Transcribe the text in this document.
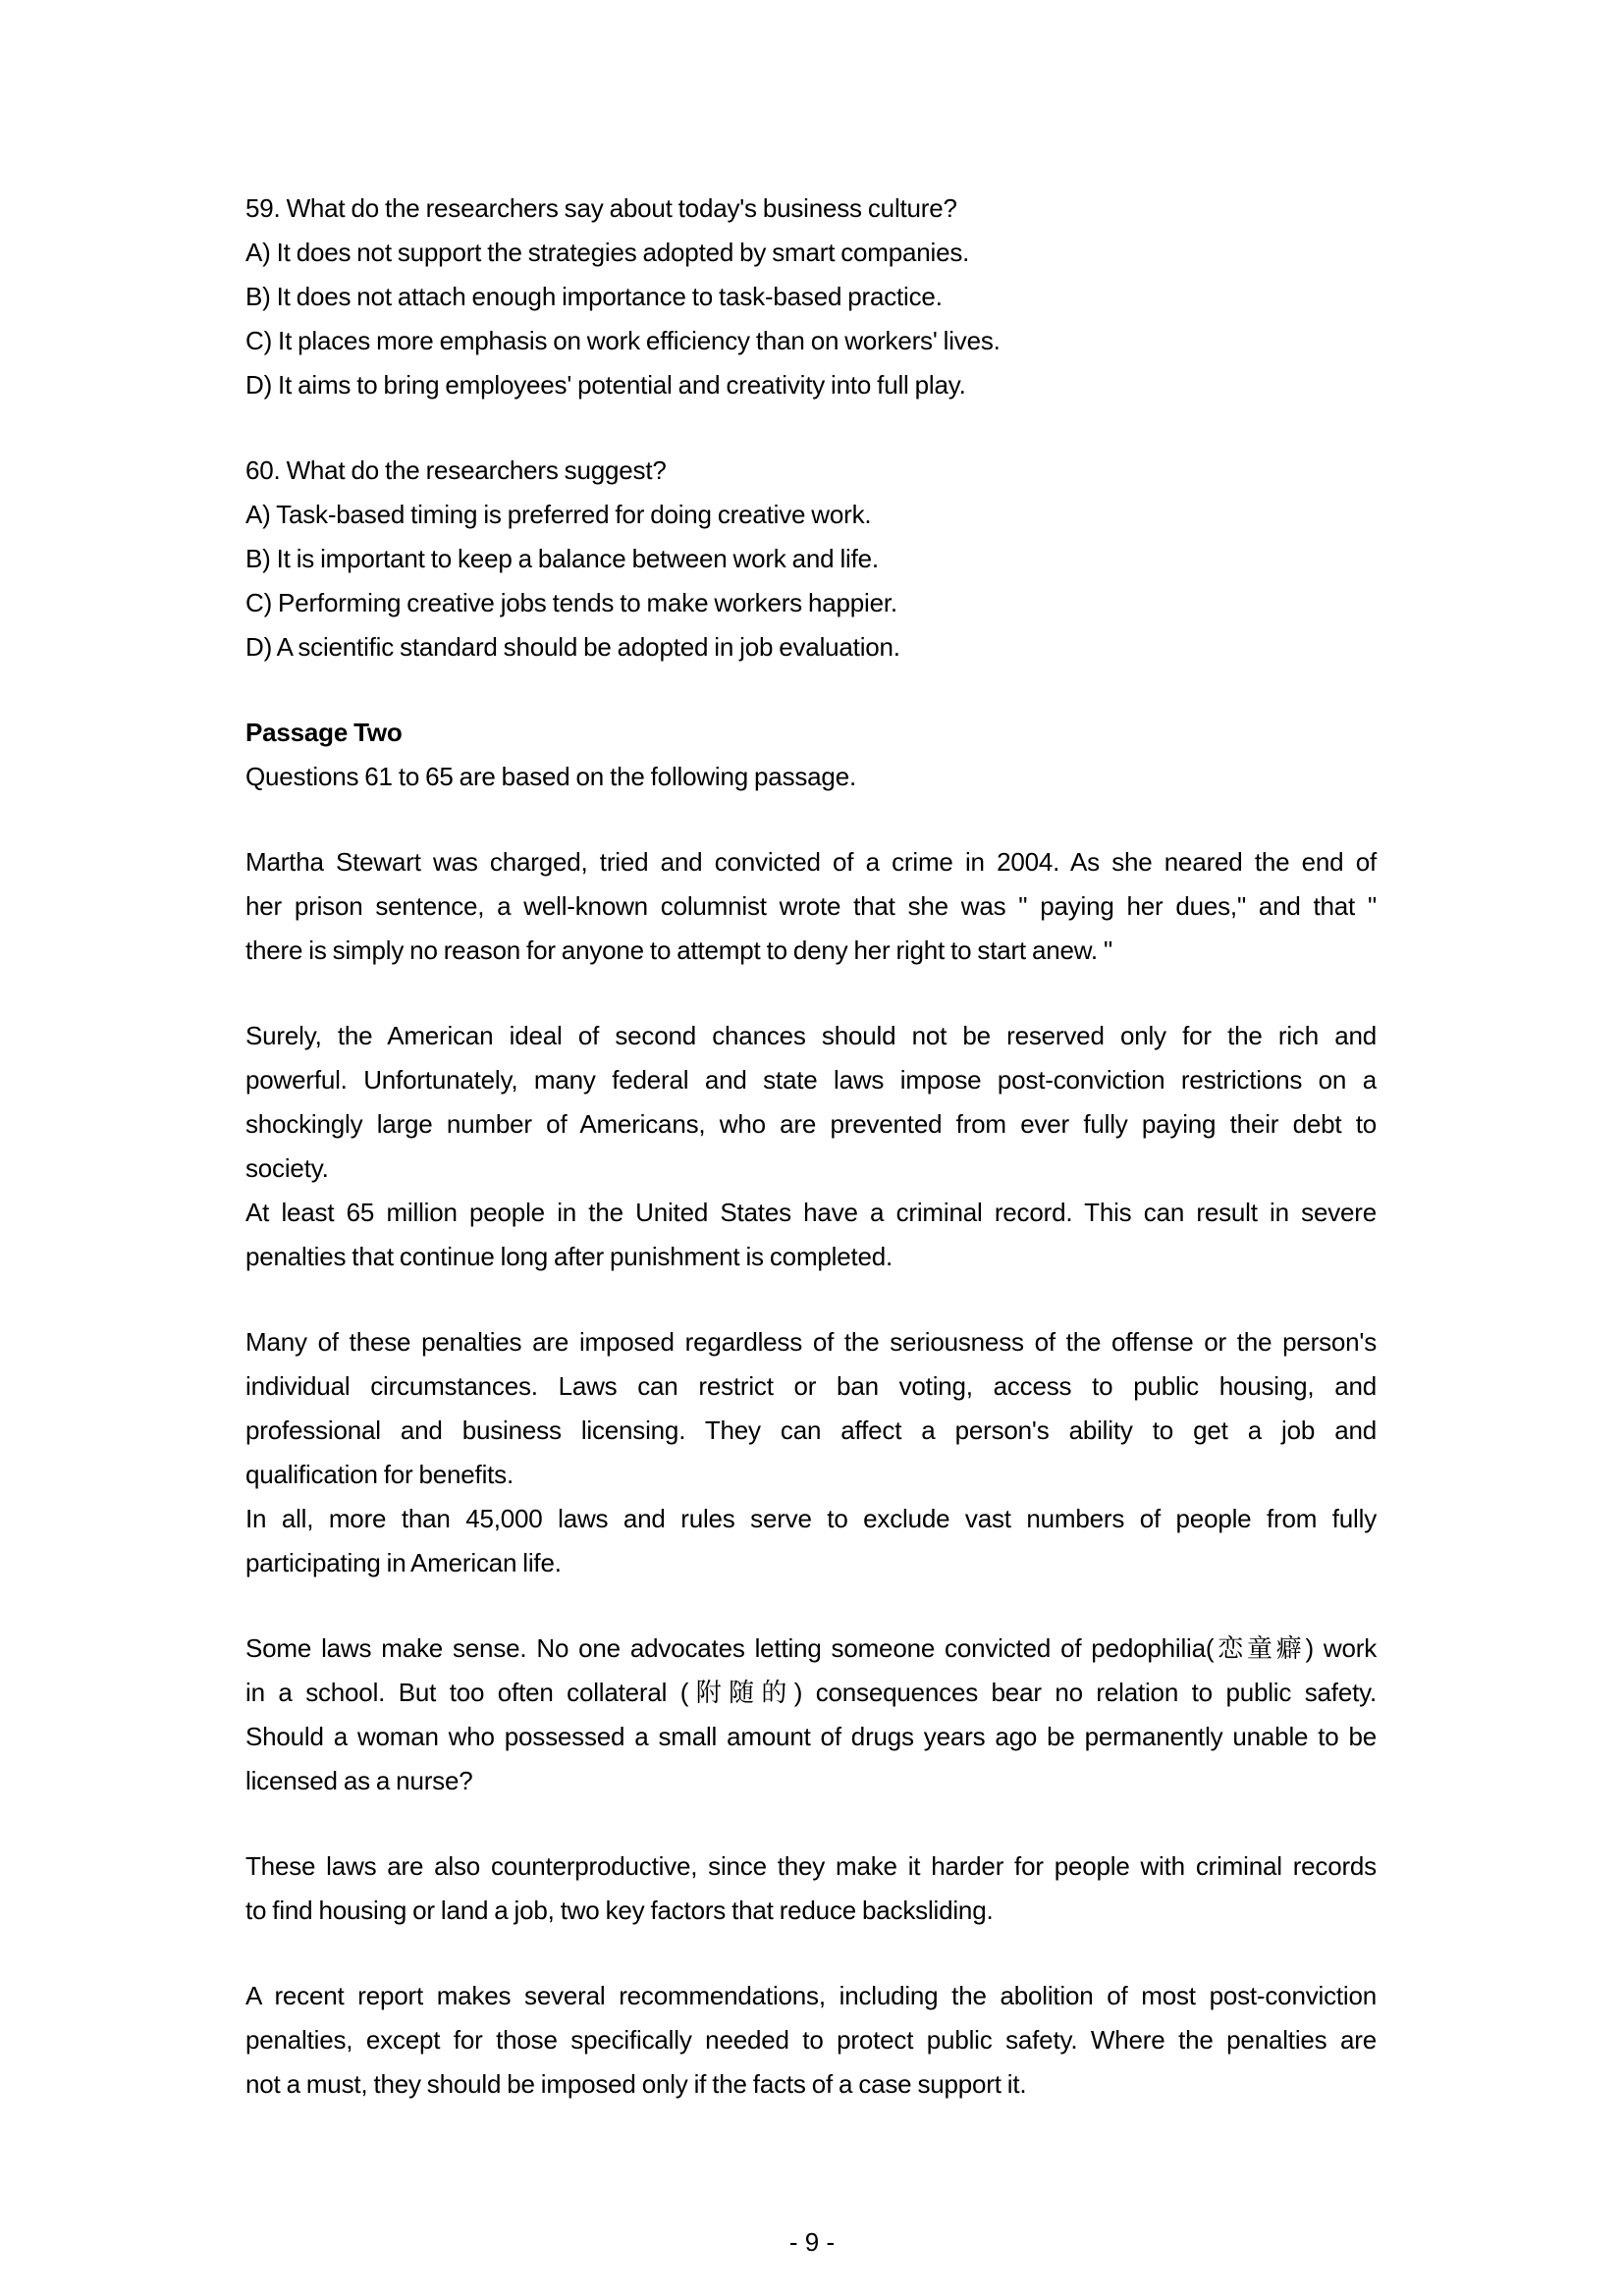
59. What do the researchers say about today's business culture?
A) It does not support the strategies adopted by smart companies.
B) It does not attach enough importance to task-based practice.
C) It places more emphasis on work efficiency than on workers' lives.
D) It aims to bring employees' potential and creativity into full play.
60. What do the researchers suggest?
A) Task-based timing is preferred for doing creative work.
B) It is important to keep a balance between work and life.
C) Performing creative jobs tends to make workers happier.
D) A scientific standard should be adopted in job evaluation.
Passage Two
Questions 61 to 65 are based on the following passage.
Martha Stewart was charged, tried and convicted of a crime in 2004. As she neared the end of
her prison sentence, a well-known columnist wrote that she was " paying her dues," and that "
there is simply no reason for anyone to attempt to deny her right to start anew. "
Surely, the American ideal of second chances should not be reserved only for the rich and
powerful. Unfortunately, many federal and state laws impose post-conviction restrictions on a
shockingly large number of Americans, who are prevented from ever fully paying their debt to
society.
At least 65 million people in the United States have a criminal record. This can result in severe
penalties that continue long after punishment is completed.
Many of these penalties are imposed regardless of the seriousness of the offense or the person's
individual circumstances. Laws can restrict or ban voting, access to public housing, and
professional and business licensing. They can affect a person's ability to get a job and
qualification for benefits.
In all, more than 45,000 laws and rules serve to exclude vast numbers of people from fully
participating in American life.
Some laws make sense. No one advocates letting someone convicted of pedophilia(恋童癖) work
in a school. But too often collateral (附随的) consequences bear no relation to public safety.
Should a woman who possessed a small amount of drugs years ago be permanently unable to be
licensed as a nurse?
These laws are also counterproductive, since they make it harder for people with criminal records
to find housing or land a job, two key factors that reduce backsliding.
A recent report makes several recommendations, including the abolition of most post-conviction
penalties, except for those specifically needed to protect public safety. Where the penalties are
not a must, they should be imposed only if the facts of a case support it.
- 9 -
